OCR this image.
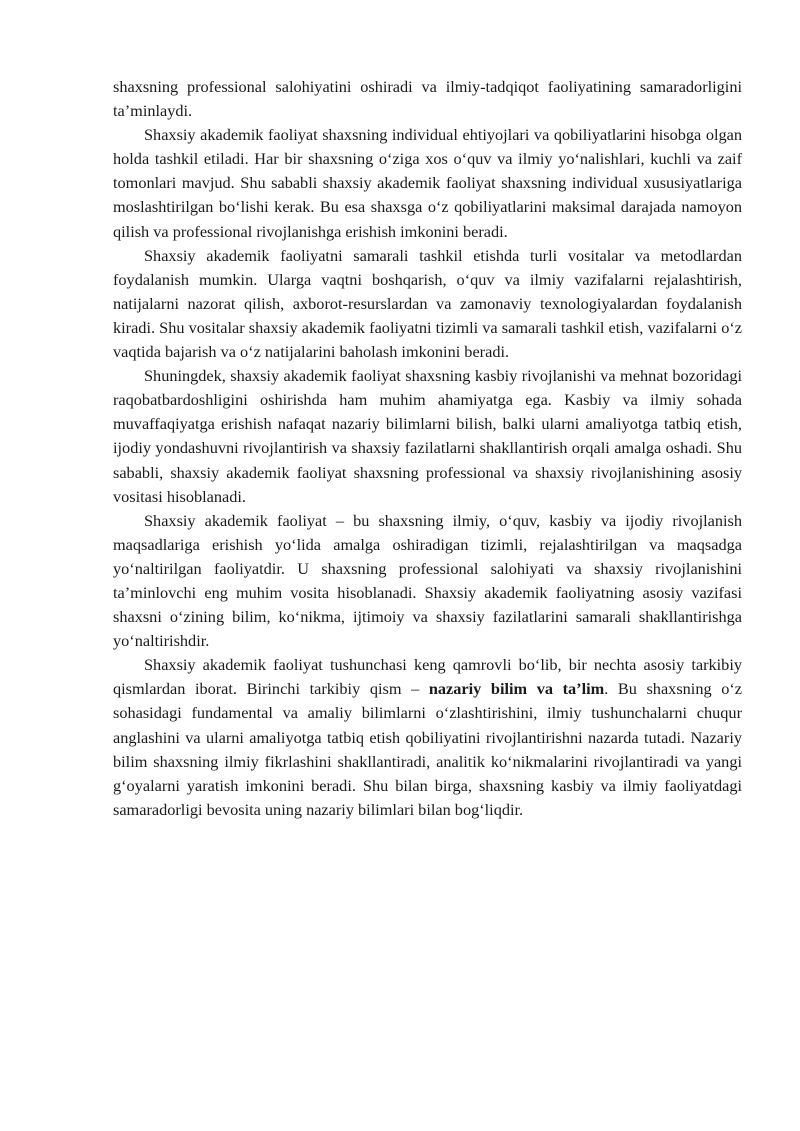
shaxsning professional salohiyatini oshiradi va ilmiy-tadqiqot faoliyatining samaradorligini ta’minlaydi.

Shaxsiy akademik faoliyat shaxsning individual ehtiyojlari va qobiliyatlarini hisobga olgan holda tashkil etiladi. Har bir shaxsning o‘ziga xos o‘quv va ilmiy yo‘nalishlari, kuchli va zaif tomonlari mavjud. Shu sababli shaxsiy akademik faoliyat shaxsning individual xususiyatlariga moslashtirilgan bo‘lishi kerak. Bu esa shaxsga o‘z qobiliyatlarini maksimal darajada namoyon qilish va professional rivojlanishga erishish imkonini beradi.

Shaxsiy akademik faoliyatni samarali tashkil etishda turli vositalar va metodlardan foydalanish mumkin. Ularga vaqtni boshqarish, o‘quv va ilmiy vazifalarni rejalashtirish, natijalarni nazorat qilish, axborot-resurslardan va zamonaviy texnologiyalardan foydalanish kiradi. Shu vositalar shaxsiy akademik faoliyatni tizimli va samarali tashkil etish, vazifalarni o‘z vaqtida bajarish va o‘z natijalarini baholash imkonini beradi.

Shuningdek, shaxsiy akademik faoliyat shaxsning kasbiy rivojlanishi va mehnat bozoridagi raqobatbardoshligini oshirishda ham muhim ahamiyatga ega. Kasbiy va ilmiy sohada muvaffaqiyatga erishish nafaqat nazariy bilimlarni bilish, balki ularni amaliyotga tatbiq etish, ijodiy yondashuvni rivojlantirish va shaxsiy fazilatlarni shakllantirish orqali amalga oshadi. Shu sababli, shaxsiy akademik faoliyat shaxsning professional va shaxsiy rivojlanishining asosiy vositasi hisoblanadi.

Shaxsiy akademik faoliyat – bu shaxsning ilmiy, o‘quv, kasbiy va ijodiy rivojlanish maqsadlariga erishish yo‘lida amalga oshiradigan tizimli, rejalashtirilgan va maqsadga yo‘naltirilgan faoliyatdir. U shaxsning professional salohiyati va shaxsiy rivojlanishini ta’minlovchi eng muhim vosita hisoblanadi. Shaxsiy akademik faoliyatning asosiy vazifasi shaxsni o‘zining bilim, ko‘nikma, ijtimoiy va shaxsiy fazilatlarini samarali shakllantirishga yo‘naltirishdir.

Shaxsiy akademik faoliyat tushunchasi keng qamrovli bo‘lib, bir nechta asosiy tarkibiy qismlardan iborat. Birinchi tarkibiy qism – nazariy bilim va ta’lim. Bu shaxsning o‘z sohasidagi fundamental va amaliy bilimlarni o‘zlashtirishini, ilmiy tushunchalarni chuqur anglashini va ularni amaliyotga tatbiq etish qobiliyatini rivojlantirishni nazarda tutadi. Nazariy bilim shaxsning ilmiy fikrlashini shakllantiradi, analitik ko‘nikmalarini rivojlantiradi va yangi g‘oyalarni yaratish imkonini beradi. Shu bilan birga, shaxsning kasbiy va ilmiy faoliyatdagi samaradorligi bevosita uning nazariy bilimlari bilan bog‘liqdir.
